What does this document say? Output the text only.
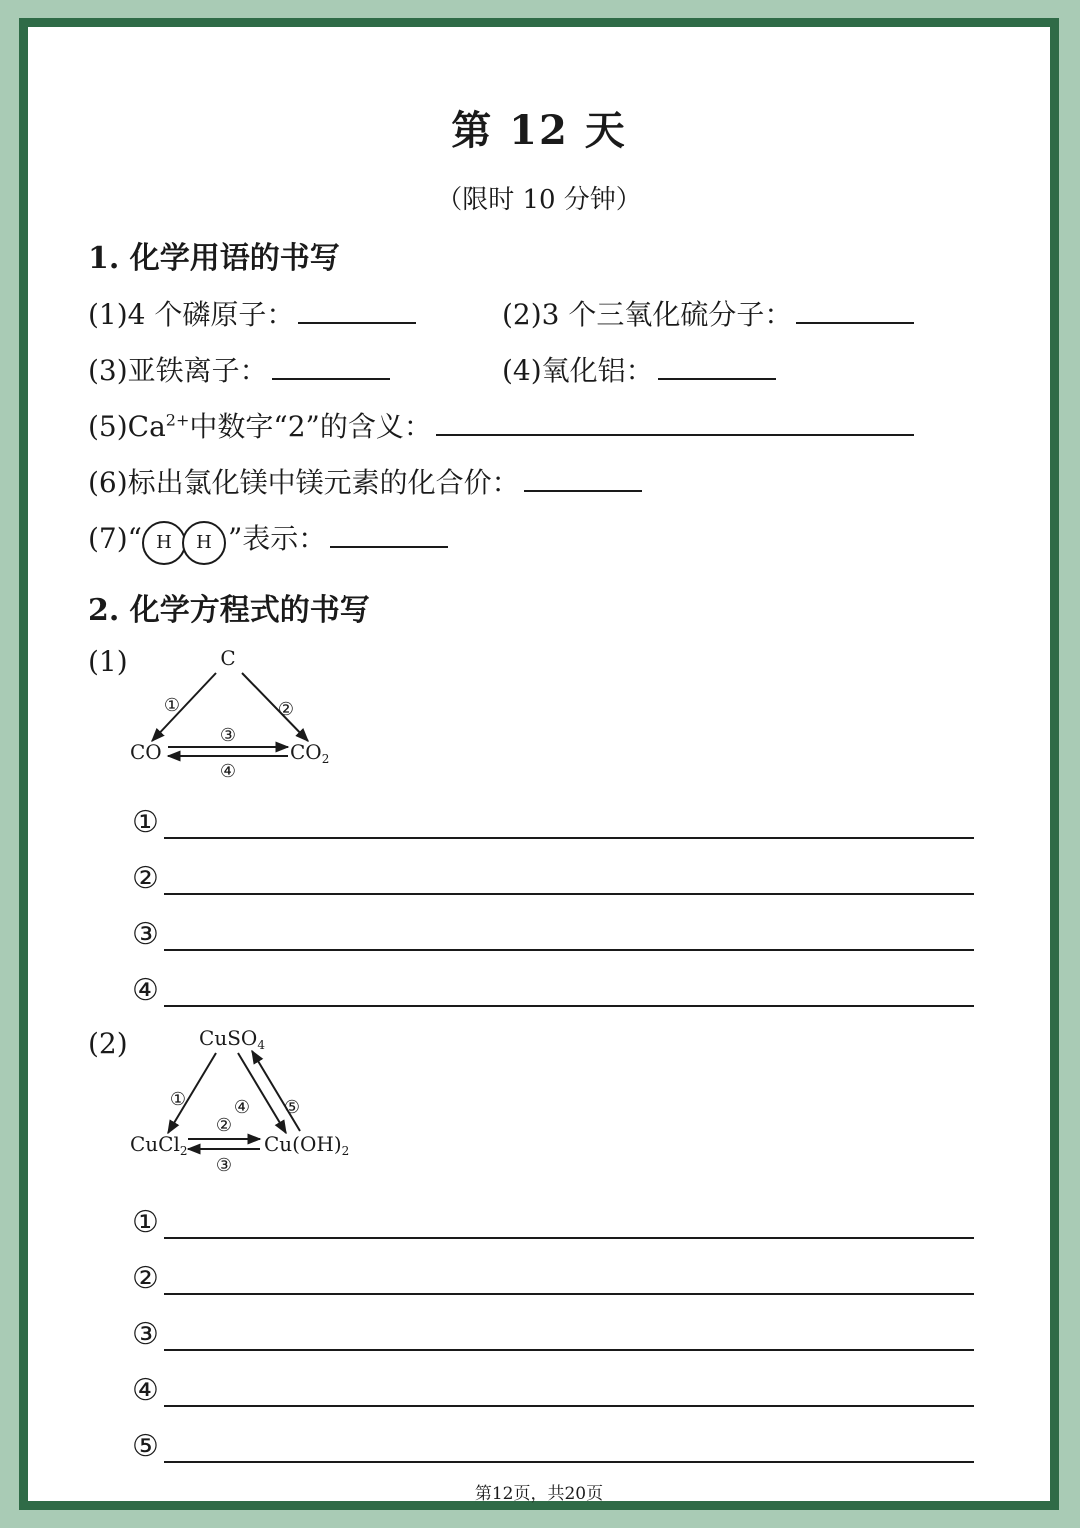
第 12 天
（限时 10 分钟）
1. 化学用语的书写
(1)4 个磷原子：	(2)3 个三氧化硫分子：
(3)亚铁离子：	(4)氧化铝：
$(5)Ca^{2+}$中数字“2”的含义：
(6)标出氯化镁中镁元素的化合价：
(7)“ H	H ”表示：
2. 化学方程式的书写
(1)	C
CO	$CO_2$
①	②
③
④
①
②
③
④
(2)	CuSO$_4$
CuCl$_2$	$Cu(OH)_2$
①
②
③
④ ⑤
①
②
③
④
⑤
第12页，共20页
